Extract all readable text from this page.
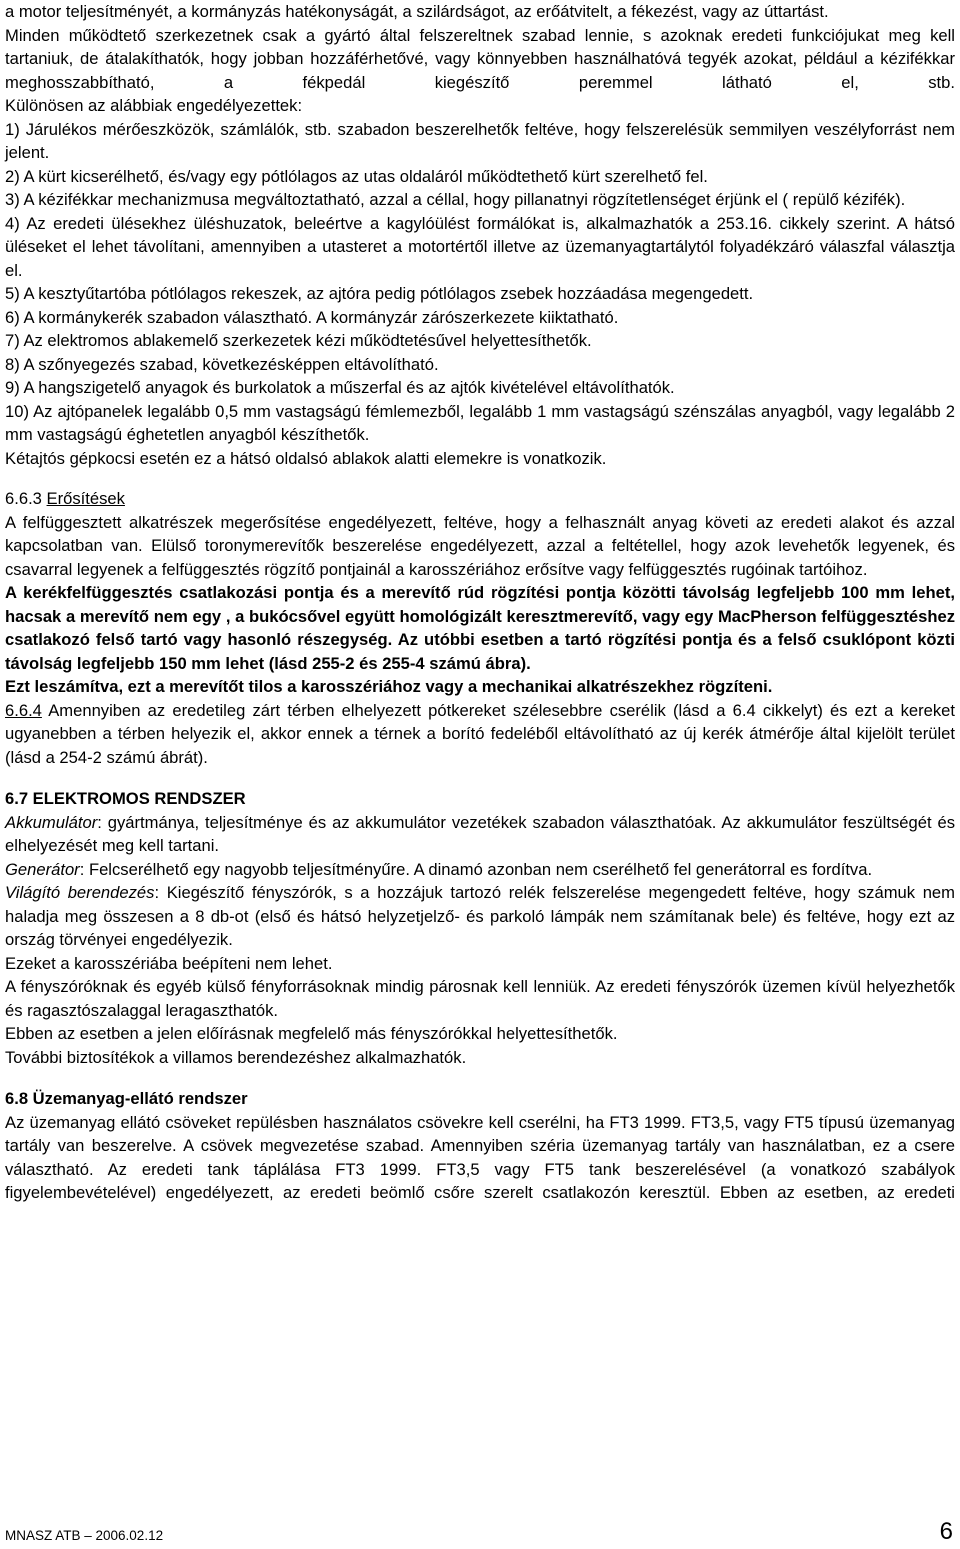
a motor teljesítményét, a kormányzás hatékonyságát, a szilárdságot, az erőátvitelt, a fékezést, vagy az úttartást.

Minden működtető szerkezetnek csak a gyártó által felszereltnek szabad lennie, s azoknak eredeti funkciójukat meg kell tartaniuk, de átalakíthatók, hogy jobban hozzáférhetővé, vagy könnyebben használhatóvá tegyék azokat, például a kézifékkar meghosszabbítható, a fékpedál kiegészítő peremmel látható el, stb.

Különösen az alábbiak engedélyezettek:

1) Járulékos mérőeszközök, számlálók, stb. szabadon beszerelhetők feltéve, hogy felszerelésük semmilyen veszélyforrást nem jelent.

2) A kürt kicserélhető, és/vagy egy pótlólagos az utas oldaláról működtethető kürt szerelhető fel.

3) A kézifékkar mechanizmusa megváltoztatható, azzal a céllal, hogy pillanatnyi rögzítetlenséget érjünk el ( repülő kézifék).

4) Az eredeti ülésekhez üléshuzatok, beleértve a kagylóülést formálókat is, alkalmazhatók a 253.16. cikkely szerint. A hátsó üléseket el lehet távolítani, amennyiben a utasteret a motortértől illetve az üzemanyagtartálytól folyadékzáró válaszfal választja el.

5) A kesztyűtartóba pótlólagos rekeszek, az ajtóra pedig pótlólagos zsebek hozzáadása megengedett.

6) A kormánykerék szabadon választható. A kormányzár zárószerkezete kiiktatható.

7) Az elektromos ablakemelő szerkezetek kézi működtetésűvel helyettesíthetők.

8) A szőnyegezés szabad, következésképpen eltávolítható.

9) A hangszigetelő anyagok és burkolatok a műszerfal és az ajtók kivételével eltávolíthatók.

10) Az ajtópanelek legalább 0,5 mm vastagságú fémlemezből, legalább 1 mm vastagságú szénszálas anyagból, vagy legalább 2 mm vastagságú éghetetlen anyagból készíthetők.

Kétajtós gépkocsi esetén ez a hátsó oldalsó ablakok alatti elemekre is vonatkozik.

6.6.3 Erősítések

A felfüggesztett alkatrészek megerősítése engedélyezett, feltéve, hogy a felhasznált anyag követi az eredeti alakot és azzal kapcsolatban van. Elülső toronymerevítők beszerelése engedélyezett, azzal a feltétellel, hogy azok levehetők legyenek, és csavarral legyenek a felfüggesztés rögzítő pontjainál a karosszériához erősítve vagy felfüggesztés rugóinak tartóihoz.

A kerékfelfüggesztés csatlakozási pontja és a merevítő rúd rögzítési pontja közötti távolság legfeljebb 100 mm lehet, hacsak a merevítő nem egy , a bukócsővel együtt homológizált keresztmerevítő, vagy egy MacPherson felfüggesztéshez csatlakozó felső tartó vagy hasonló részegység. Az utóbbi esetben a tartó rögzítési pontja és a felső csuklópont közti távolság legfeljebb 150 mm lehet (lásd 255-2 és 255-4 számú ábra).

Ezt leszámítva, ezt a merevítőt tilos a karosszériához vagy a mechanikai alkatrészekhez rögzíteni.

6.6.4 Amennyiben az eredetileg zárt térben elhelyezett pótkereket szélesebbre cserélik (lásd a 6.4 cikkelyt) és ezt a kereket ugyanebben a térben helyezik el, akkor ennek a térnek a borító fedeléből eltávolítható az új kerék átmérője által kijelölt terület (lásd a 254-2 számú ábrát).

6.7 ELEKTROMOS RENDSZER

Akkumulátor: gyártmánya, teljesítménye és az akkumulátor vezetékek szabadon választhatóak. Az akkumulátor feszültségét és elhelyezését meg kell tartani.

Generátor: Felcserélhető egy nagyobb teljesítményűre. A dinamó azonban nem cserélhető fel generátorral es fordítva.

Világító berendezés: Kiegészítő fényszórók, s a hozzájuk tartozó relék felszerelése megengedett feltéve, hogy számuk nem haladja meg összesen a 8 db-ot (első és hátsó helyzetjelző- és parkoló lámpák nem számítanak bele) és feltéve, hogy ezt az ország törvényei engedélyezik.

Ezeket a karosszériába beépíteni nem lehet.

A fényszóróknak és egyéb külső fényforrásoknak mindig párosnak kell lenniük. Az eredeti fényszórók üzemen kívül helyezhetők és ragasztószalaggal leragaszthatók.

Ebben az esetben a jelen előírásnak megfelelő más fényszórókkal helyettesíthetők.

További biztosítékok a villamos berendezéshez alkalmazhatók.

6.8 Üzemanyag-ellátó rendszer

Az üzemanyag ellátó csöveket repülésben használatos csövekre kell cserélni, ha FT3 1999. FT3,5, vagy FT5 típusú üzemanyag tartály van beszerelve. A csövek megvezetése szabad. Amennyiben széria üzemanyag tartály van használatban, ez a csere választható. Az eredeti tank táplálása FT3 1999. FT3,5 vagy FT5 tank beszerelésével (a vonatkozó szabályok figyelembevételével) engedélyezett, az eredeti beömlő csőre szerelt csatlakozón keresztül. Ebben az esetben, az eredeti

MNASZ ATB – 2006.02.12	6
